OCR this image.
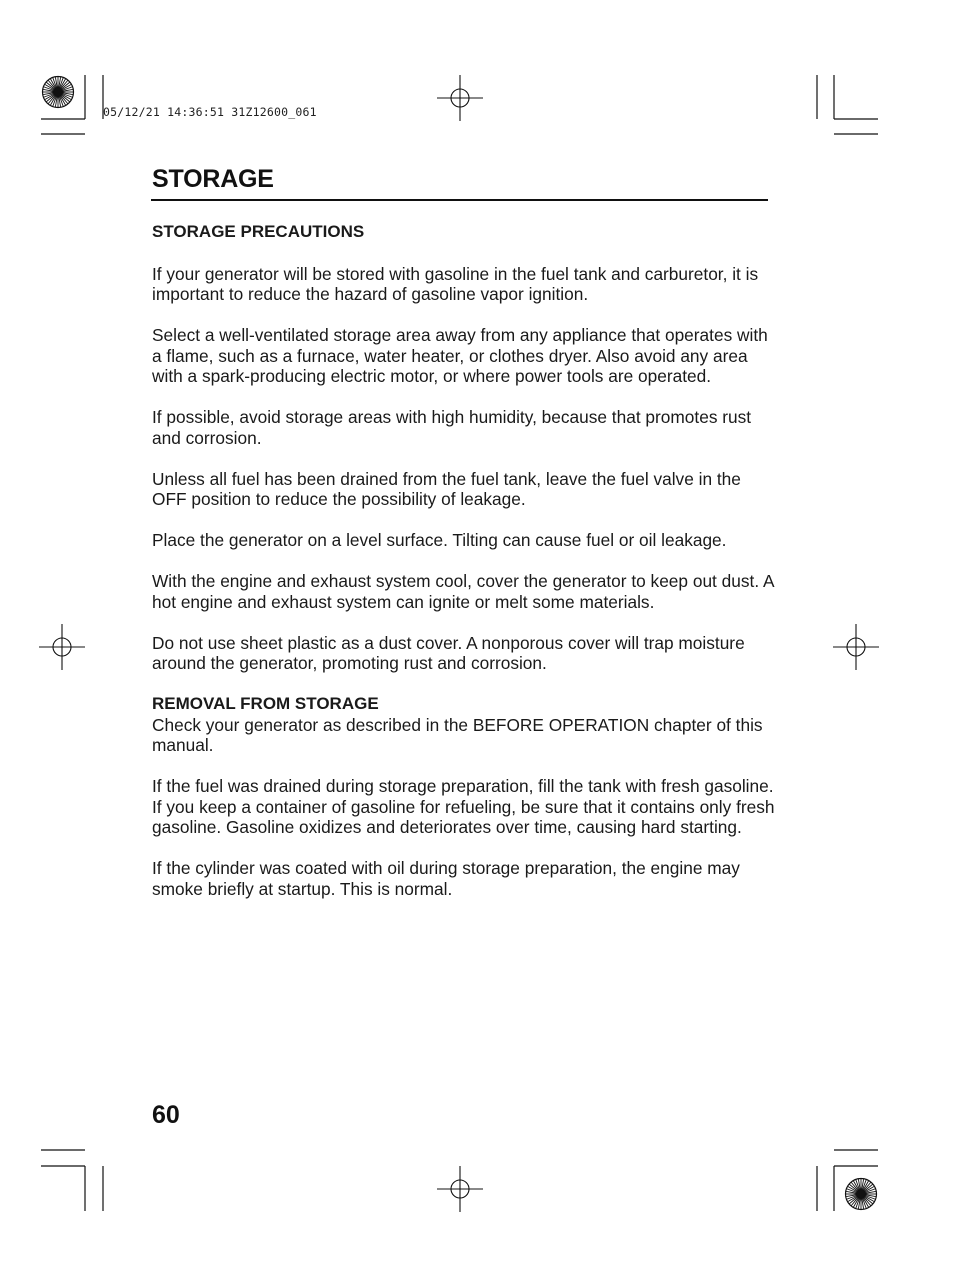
05/12/21 14:36:51 31Z12600_061
STORAGE
STORAGE PRECAUTIONS

If your generator will be stored with gasoline in the fuel tank and carburetor, it is important to reduce the hazard of gasoline vapor ignition.

Select a well-ventilated storage area away from any appliance that operates with a flame, such as a furnace, water heater, or clothes dryer. Also avoid any area with a spark-producing electric motor, or where power tools are operated.

If possible, avoid storage areas with high humidity, because that promotes rust and corrosion.

Unless all fuel has been drained from the fuel tank, leave the fuel valve in the OFF position to reduce the possibility of leakage.

Place the generator on a level surface. Tilting can cause fuel or oil leakage.

With the engine and exhaust system cool, cover the generator to keep out dust. A hot engine and exhaust system can ignite or melt some materials.

Do not use sheet plastic as a dust cover. A nonporous cover will trap moisture around the generator, promoting rust and corrosion.

REMOVAL FROM STORAGE

Check your generator as described in the BEFORE OPERATION chapter of this manual.

If the fuel was drained during storage preparation, fill the tank with fresh gasoline. If you keep a container of gasoline for refueling, be sure that it contains only fresh gasoline. Gasoline oxidizes and deteriorates over time, causing hard starting.

If the cylinder was coated with oil during storage preparation, the engine may smoke briefly at startup. This is normal.

60
